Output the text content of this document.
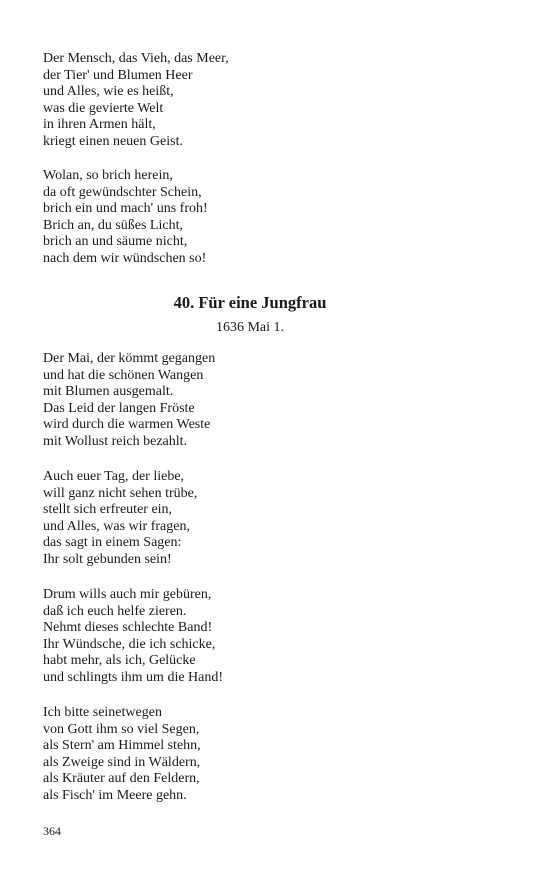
Der Mensch, das Vieh, das Meer,
der Tier' und Blumen Heer
und Alles, wie es heißt,
was die gevierte Welt
in ihren Armen hält,
kriegt einen neuen Geist.
Wolan, so brich herein,
da oft gewündschter Schein,
brich ein und mach' uns froh!
Brich an, du süßes Licht,
brich an und säume nicht,
nach dem wir wündschen so!
40. Für eine Jungfrau
1636 Mai 1.
Der Mai, der kömmt gegangen
und hat die schönen Wangen
mit Blumen ausgemalt.
Das Leid der langen Fröste
wird durch die warmen Weste
mit Wollust reich bezahlt.
Auch euer Tag, der liebe,
will ganz nicht sehen trübe,
stellt sich erfreuter ein,
und Alles, was wir fragen,
das sagt in einem Sagen:
Ihr solt gebunden sein!
Drum wills auch mir gebüren,
daß ich euch helfe zieren.
Nehmt dieses schlechte Band!
Ihr Wündsche, die ich schicke,
habt mehr, als ich, Gelücke
und schlingts ihm um die Hand!
Ich bitte seinetwegen
von Gott ihm so viel Segen,
als Stern' am Himmel stehn,
als Zweige sind in Wäldern,
als Kräuter auf den Feldern,
als Fisch' im Meere gehn.
364
